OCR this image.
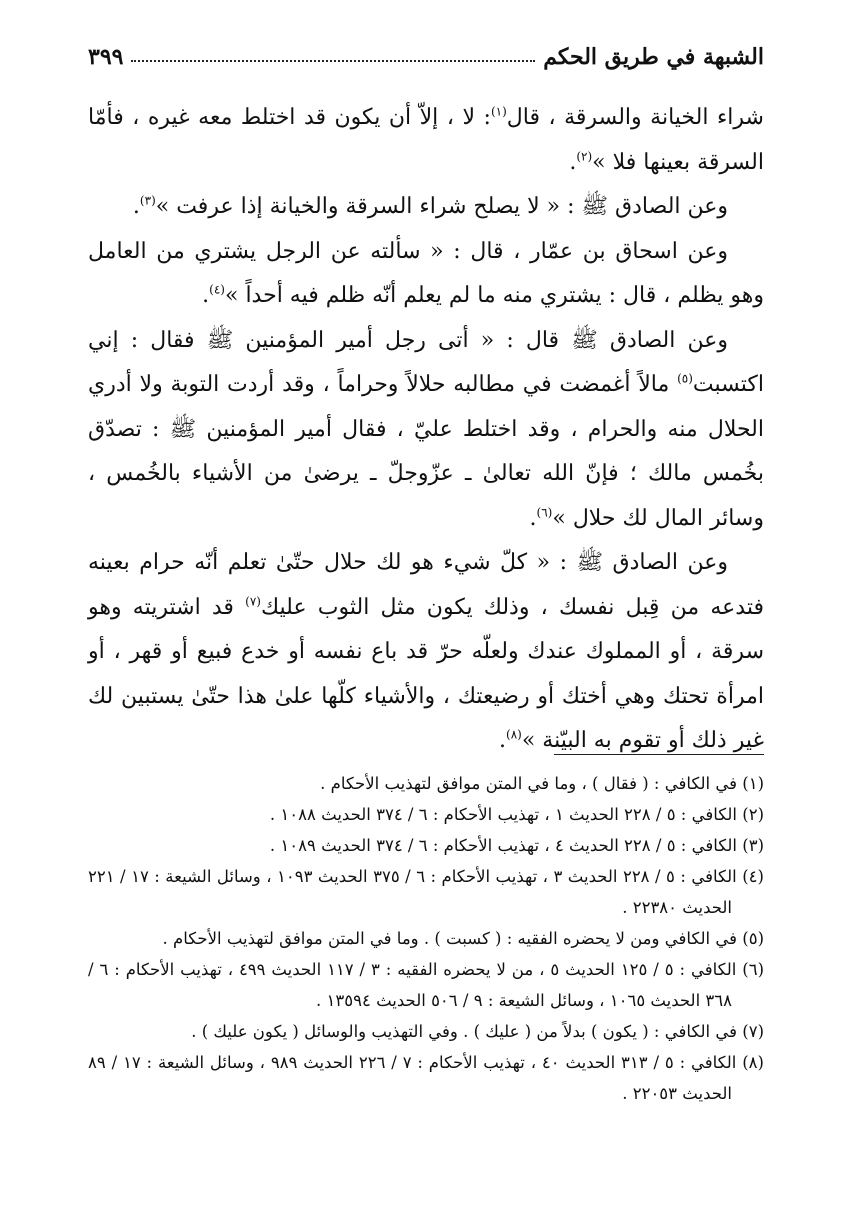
الشبهة في طريق الحكم
٣٩٩

شراء الخيانة والسرقة ، قال$^{(١)}$: لا ، إلاّ أن يكون قد اختلط معه غيره ، فأمّا السرقة بعينها فلا »$^{(٢)}$.

وعن الصادق ﷺ : « لا يصلح شراء السرقة والخيانة إذا عرفت »$^{(٣)}$.

وعن اسحاق بن عمّار ، قال : « سألته عن الرجل يشتري من العامل وهو يظلم ، قال : يشتري منه ما لم يعلم أنّه ظلم فيه أحداً »$^{(٤)}$.

وعن الصادق ﷺ قال : « أتى رجل أمير المؤمنين ﷺ فقال : إني اكتسبت$^{(٥)}$ مالاً أغمضت في مطالبه حلالاً وحراماً ، وقد أردت التوبة ولا أدري الحلال منه والحرام ، وقد اختلط عليّ ، فقال أمير المؤمنين ﷺ : تصدّق بخُمس مالك ؛ فإنّ الله تعالىٰ ـ عزّوجلّ ـ يرضىٰ من الأشياء بالخُمس ، وسائر المال لك حلال »$^{(٦)}$.

وعن الصادق ﷺ : « كلّ شيء هو لك حلال حتّىٰ تعلم أنّه حرام بعينه فتدعه من قِبل نفسك ، وذلك يكون مثل الثوب عليك$^{(٧)}$ قد اشتريته وهو سرقة ، أو المملوك عندك ولعلّه حرّ قد باع نفسه أو خدع فبيع أو قهر ، أو امرأة تحتك وهي أختك أو رضيعتك ، والأشياء كلّها علىٰ هذا حتّىٰ يستبين لك غير ذلك أو تقوم به البيّنة »$^{(٨)}$.

(١) في الكافي : ( فقال ) ، وما في المتن موافق لتهذيب الأحكام .

(٢) الكافي : ٥ / ٢٢٨ الحديث ١ ، تهذيب الأحكام : ٦ / ٣٧٤ الحديث ١٠٨٨ .

(٣) الكافي : ٥ / ٢٢٨ الحديث ٤ ، تهذيب الأحكام : ٦ / ٣٧٤ الحديث ١٠٨٩ .

(٤) الكافي : ٥ / ٢٢٨ الحديث ٣ ، تهذيب الأحكام : ٦ / ٣٧٥ الحديث ١٠٩٣ ، وسائل الشيعة : ١٧ / ٢٢١ الحديث ٢٢٣٨٠ .

(٥) في الكافي ومن لا يحضره الفقيه : ( كسبت ) . وما في المتن موافق لتهذيب الأحكام .

(٦) الكافي : ٥ / ١٢٥ الحديث ٥ ، من لا يحضره الفقيه : ٣ / ١١٧ الحديث ٤٩٩ ، تهذيب الأحكام : ٦ / ٣٦٨ الحديث ١٠٦٥ ، وسائل الشيعة : ٩ / ٥٠٦ الحديث ١٣٥٩٤ .

(٧) في الكافي : ( يكون ) بدلاً من ( عليك ) . وفي التهذيب والوسائل ( يكون عليك ) .

(٨) الكافي : ٥ / ٣١٣ الحديث ٤٠ ، تهذيب الأحكام : ٧ / ٢٢٦ الحديث ٩٨٩ ، وسائل الشيعة : ١٧ / ٨٩ الحديث ٢٢٠٥٣ .
